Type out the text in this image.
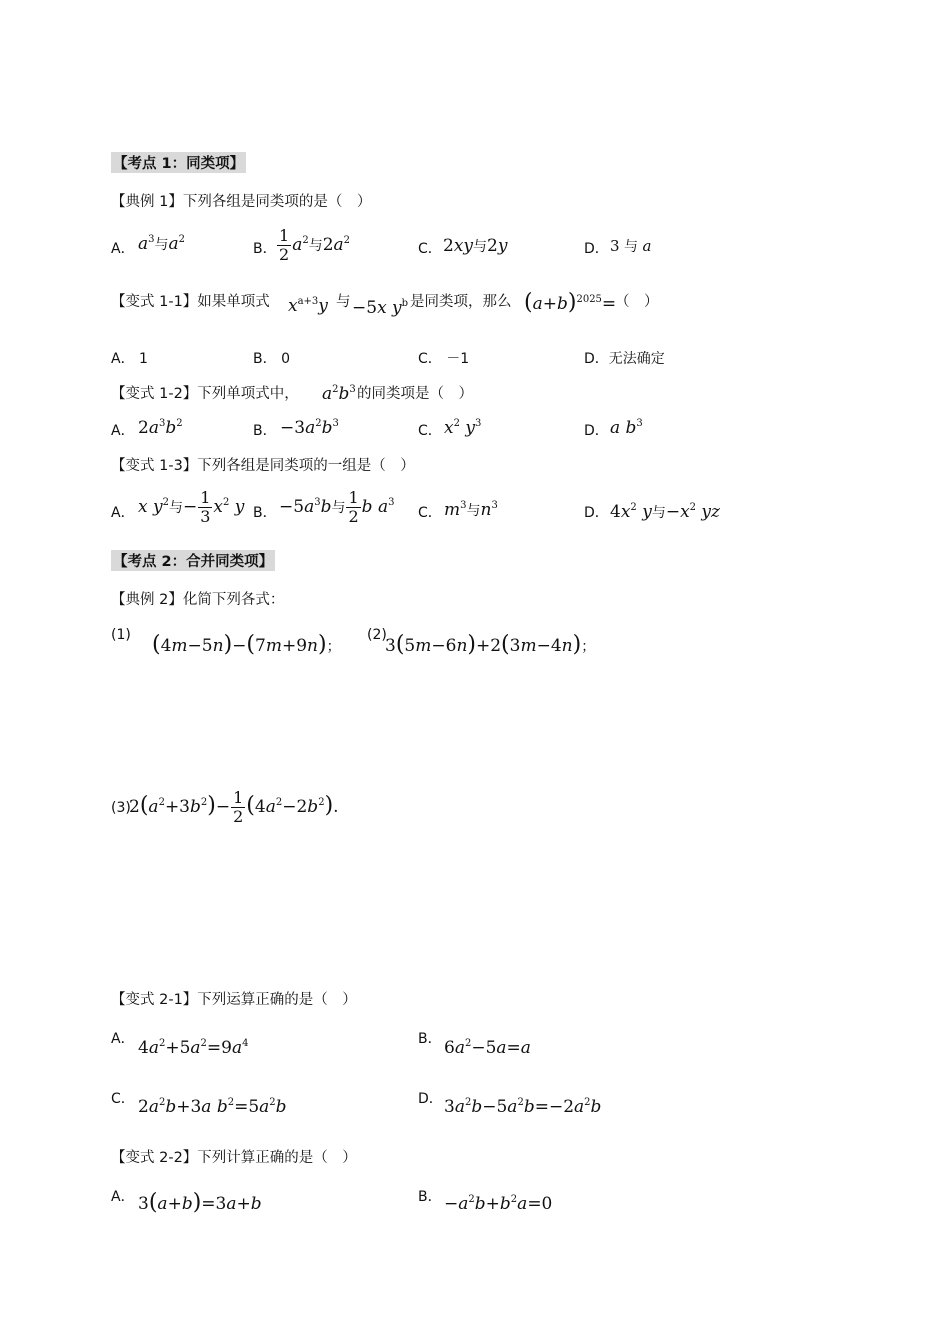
【考点 1：同类项】
【典例 1】下列各组是同类项的是（　）
A． $a^3$与$a^2$
B． $\frac{1}{2} a^2$与$2a^2$
C． 2xy与2y	D． 3 与 a
【变式 1-1】如果单项式 $x^{a+3}y$ 与 −5x $y^b$ 是同类项，那么 $(a+b)^{2025}=$
（　）
A． 1	B． 0	C． －1	D．无法确定
【变式 1-2】下列单项式中， $a^2b^3$ 的同类项是（　）
A． $2a^3b^2$	B． $-3a^2b^3$	C． $x^2$ $y^3$	D． a $b^3$
【变式 1-3】下列各组是同类项的一组是（　）
A． x $y^2$与− $\frac{1}{3} x^2$ y B． $-5a^3b$与 $\frac{1}{2}$ b $a^3$
C． $m^3$与$n^3$	D． $4x^2$ y与$-x^2$ yz
【考点 2：合并同类项】
【典例 2】化简下列各式：
(1) (4m−5n)−(7m+9n)；
(2)
3(5m−6n)+2(3m−4n)；
(3)
$2(a^2+3b^2)- \frac{1}{2} (4a^2-2b^2)$.
【变式 2-1】下列运算正确的是（　）
A． $4a^2+5a^2=9a^4$	B． $6a^2-5a=a$
C． $2a^2b+3a$ $b^2=5a^2b$	D． $3a^2b-5a^2b=-2a^2b$
【变式 2-2】下列计算正确的是（　）
A． 3(a+b)=3a+b	B． $-a^2b+b^2a=0$
